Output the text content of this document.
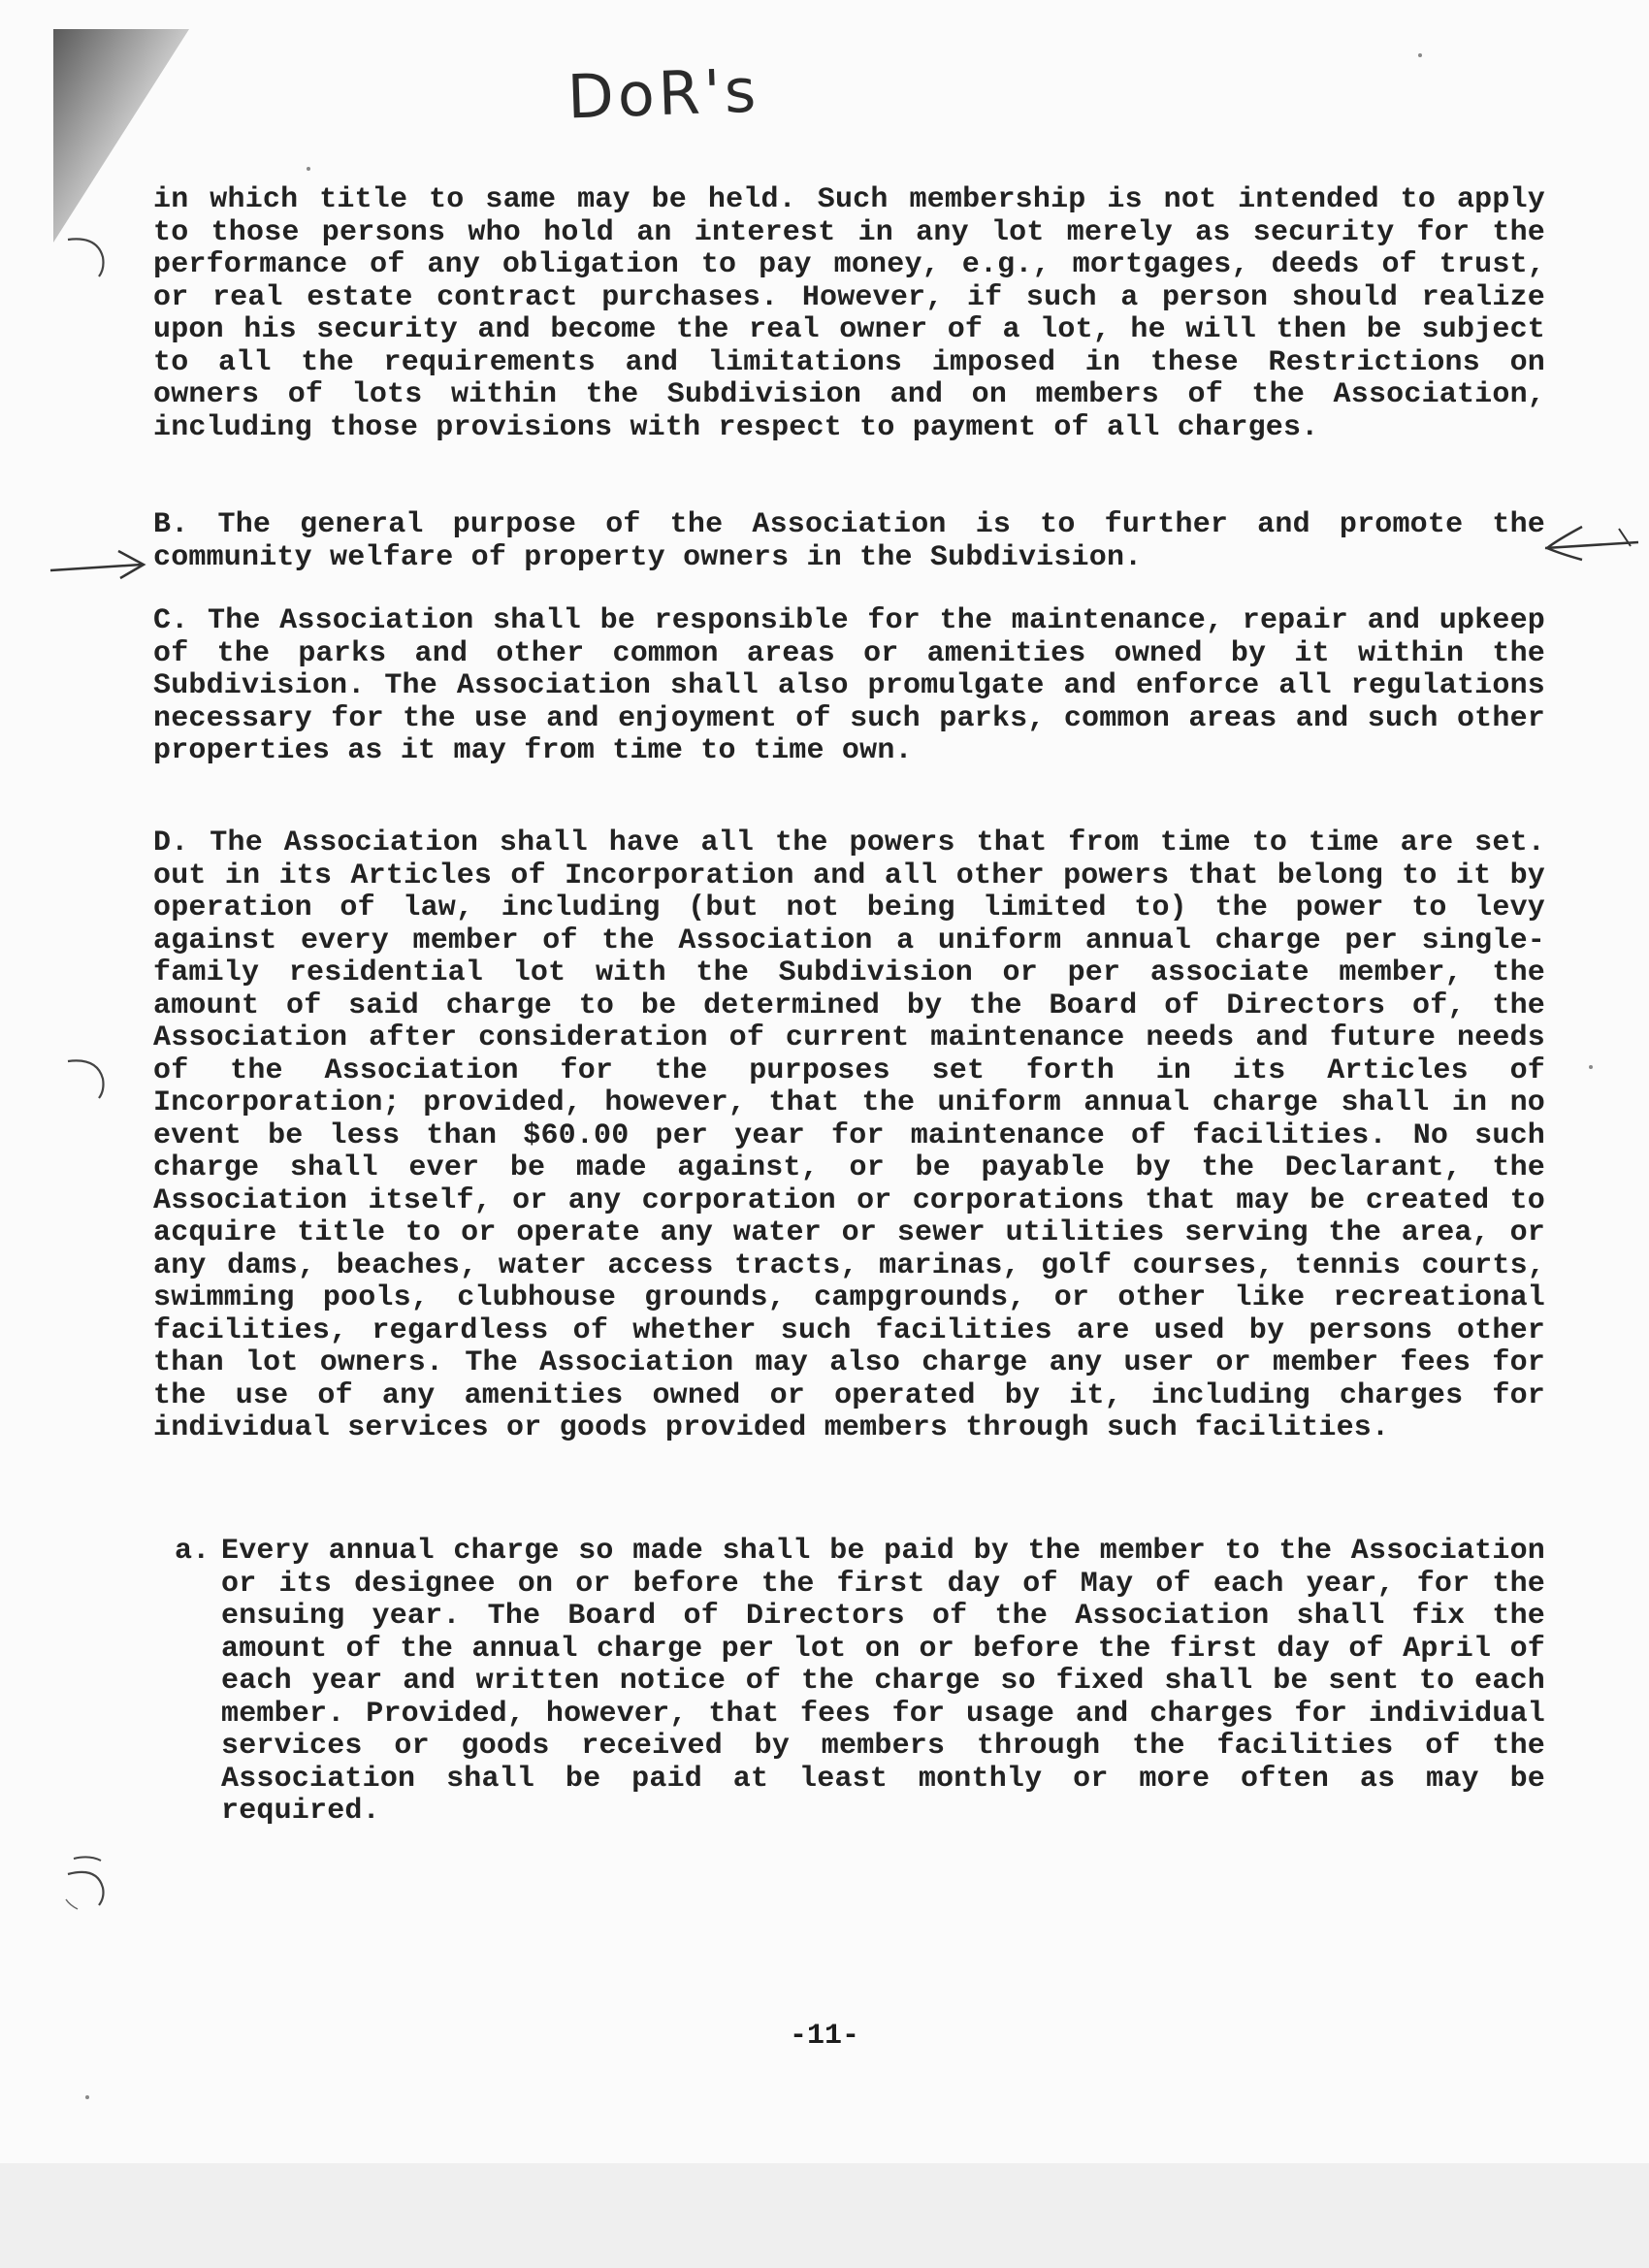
DoR's
in which title to same may be held. Such membership is not intended to apply to those persons who hold an interest in any lot merely as security for the performance of any obligation to pay money, e.g., mortgages, deeds of trust, or real estate contract purchases. However, if such a person should realize upon his security and become the real owner of a lot, he will then be subject to all the requirements and limitations imposed in these Restrictions on owners of lots within the Subdivision and on members of the Association, including those provisions with respect to payment of all charges.
B. The general purpose of the Association is to further and promote the community welfare of property owners in the Subdivision.
C. The Association shall be responsible for the maintenance, repair and upkeep of the parks and other common areas or amenities owned by it within the Subdivision. The Association shall also promulgate and enforce all regulations necessary for the use and enjoyment of such parks, common areas and such other properties as it may from time to time own.
D. The Association shall have all the powers that from time to time are set. out in its Articles of Incorporation and all other powers that belong to it by operation of law, including (but not being limited to) the power to levy against every member of the Association a uniform annual charge per single-family residential lot with the Subdivision or per associate member, the amount of said charge to be determined by the Board of Directors of, the Association after consideration of current maintenance needs and future needs of the Association for the purposes set forth in its Articles of Incorporation; provided, however, that the uniform annual charge shall in no event be less than $60.00 per year for maintenance of facilities. No such charge shall ever be made against, or be payable by the Declarant, the Association itself, or any corporation or corporations that may be created to acquire title to or operate any water or sewer utilities serving the area, or any dams, beaches, water access tracts, marinas, golf courses, tennis courts, swimming pools, clubhouse grounds, campgrounds, or other like recreational facilities, regardless of whether such facilities are used by persons other than lot owners. The Association may also charge any user or member fees for the use of any amenities owned or operated by it, including charges for individual services or goods provided members through such facilities.
a. Every annual charge so made shall be paid by the member to the Association or its designee on or before the first day of May of each year, for the ensuing year. The Board of Directors of the Association shall fix the amount of the annual charge per lot on or before the first day of April of each year and written notice of the charge so fixed shall be sent to each member. Provided, however, that fees for usage and charges for individual services or goods received by members through the facilities of the Association shall be paid at least monthly or more often as may be required.
-11-
